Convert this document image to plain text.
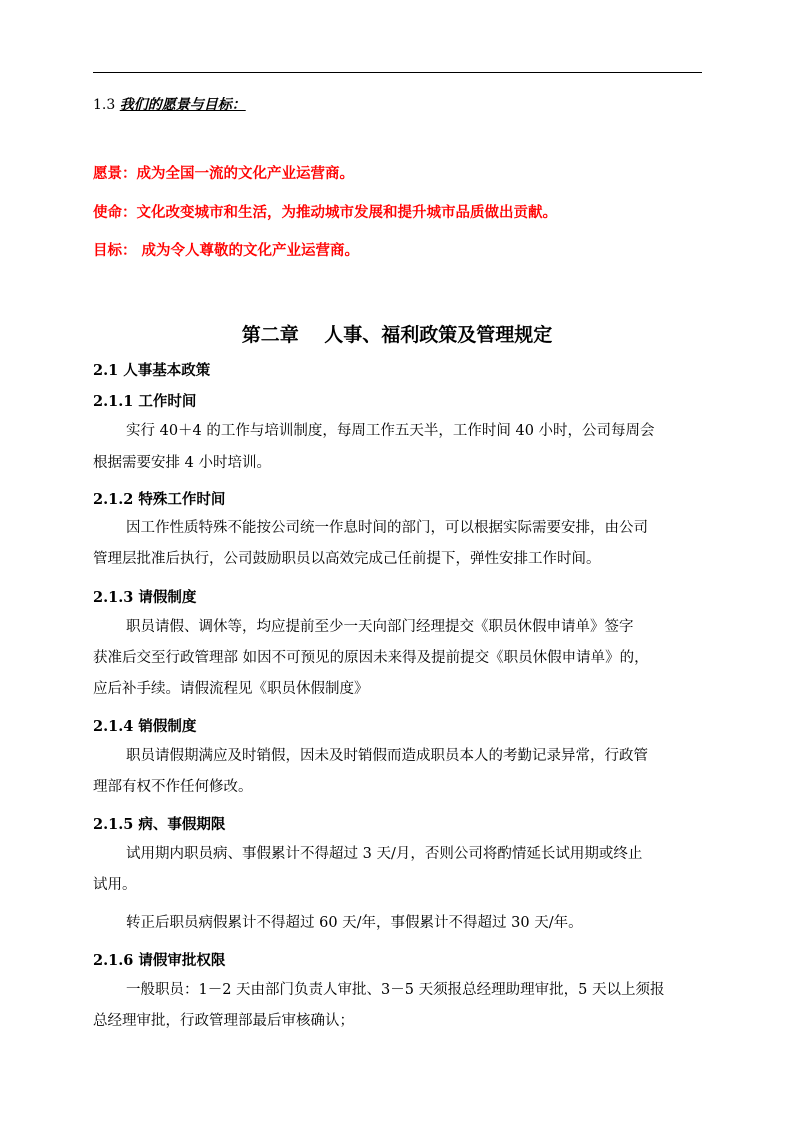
1.3 我们的愿景与目标：
愿景：成为全国一流的文化产业运营商。
使命：文化改变城市和生活，为推动城市发展和提升城市品质做出贡献。
目标： 成为令人尊敬的文化产业运营商。
第二章　 人事、福利政策及管理规定
2.1 人事基本政策
2.1.1 工作时间
实行 40＋4 的工作与培训制度，每周工作五天半，工作时间 40 小时，公司每周会
根据需要安排 4 小时培训。
2.1.2 特殊工作时间
因工作性质特殊不能按公司统一作息时间的部门，可以根据实际需要安排，由公司
管理层批准后执行，公司鼓励职员以高效完成己任前提下，弹性安排工作时间。
2.1.3 请假制度
职员请假、调休等，均应提前至少一天向部门经理提交《职员休假申请单》签字
获准后交至行政管理部 如因不可预见的原因未来得及提前提交《职员休假申请单》的，
应后补手续。请假流程见《职员休假制度》
2.1.4 销假制度
职员请假期满应及时销假，因未及时销假而造成职员本人的考勤记录异常，行政管
理部有权不作任何修改。
2.1.5 病、事假期限
试用期内职员病、事假累计不得超过 3 天/月，否则公司将酌情延长试用期或终止
试用。
转正后职员病假累计不得超过 60 天/年，事假累计不得超过 30 天/年。
2.1.6 请假审批权限
一般职员：1－2 天由部门负责人审批、3－5 天须报总经理助理审批，5 天以上须报
总经理审批，行政管理部最后审核确认；
